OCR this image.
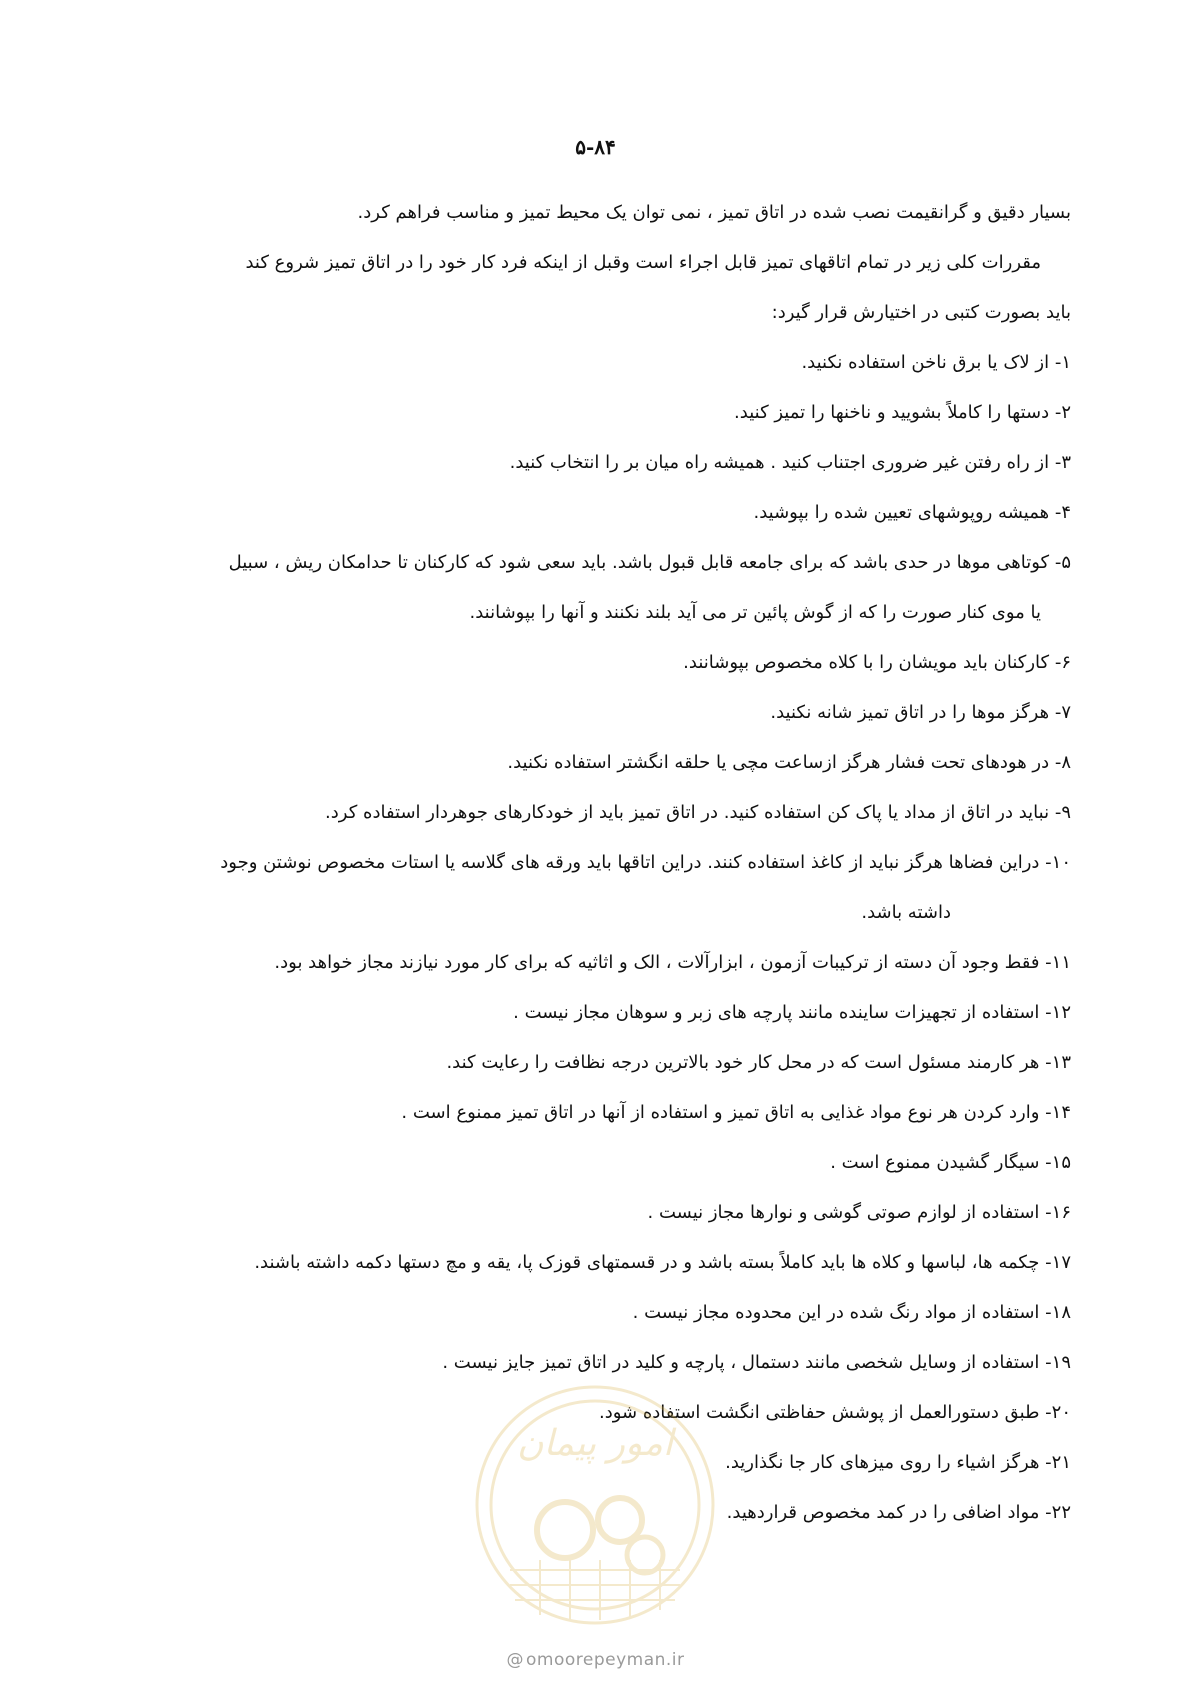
۵-۸۴
بسیار دقیق و گرانقیمت نصب شده در اتاق تمیز ، نمی توان یک محیط تمیز و مناسب فراهم کرد.
مقررات کلی زیر در تمام اتاقهای تمیز قابل اجراء است وقبل از اینکه فرد کار خود را در اتاق تمیز شروع کند
باید بصورت کتبی در اختیارش قرار گیرد:
۱- از لاک یا برق ناخن استفاده نکنید.
۲- دستها را کاملاً بشویید و ناخنها را تمیز کنید.
۳- از راه رفتن غیر ضروری اجتناب کنید . همیشه راه میان بر را انتخاب کنید.
۴- همیشه روپوشهای تعیین شده را بپوشید.
۵- کوتاهی موها در حدی باشد که برای جامعه قابل قبول باشد. باید سعی شود که کارکنان تا حدامکان ریش ، سبیل
یا موی کنار صورت را که از گوش پائین تر می آید بلند نکنند و آنها را بپوشانند.
۶- کارکنان باید مویشان را با کلاه مخصوص بپوشانند.
۷- هرگز موها را در اتاق تمیز شانه نکنید.
۸- در هودهای تحت فشار هرگز ازساعت مچی یا حلقه انگشتر استفاده نکنید.
۹- نباید در اتاق از مداد یا پاک کن استفاده کنید. در اتاق تمیز باید از خودکارهای جوهردار استفاده کرد.
۱۰- دراین فضاها هرگز نباید از کاغذ استفاده کنند. دراین اتاقها باید ورقه های گلاسه یا استات مخصوص نوشتن وجود
داشته باشد.
۱۱- فقط وجود آن دسته از ترکیبات آزمون ، ابزارآلات ، الک و اثاثیه که برای کار مورد نیازند مجاز خواهد بود.
۱۲- استفاده از تجهیزات ساینده مانند پارچه های زبر و سوهان مجاز نیست .
۱۳- هر کارمند مسئول است که در محل کار خود بالاترین درجه نظافت را رعایت کند.
۱۴- وارد کردن هر نوع مواد غذایی به اتاق تمیز و استفاده از آنها در اتاق تمیز ممنوع است .
۱۵- سیگار گشیدن ممنوع است .
۱۶- استفاده از لوازم صوتی گوشی و نوارها مجاز نیست .
۱۷- چکمه ها، لباسها و کلاه ها باید کاملاً بسته باشد و در قسمتهای قوزک پا، یقه و مچ دستها دکمه داشته باشند.
۱۸- استفاده از مواد رنگ شده در این محدوده مجاز نیست .
۱۹- استفاده از وسایل شخصی مانند دستمال ، پارچه و کلید در اتاق تمیز جایز نیست .
۲۰- طبق دستورالعمل از پوشش حفاظتی انگشت استفاده شود.
۲۱- هرگز اشیاء را روی میزهای کار جا نگذارید.
۲۲- مواد اضافی را در کمد مخصوص قراردهید.
امور پیمان
@ omoorepeyman.ir
